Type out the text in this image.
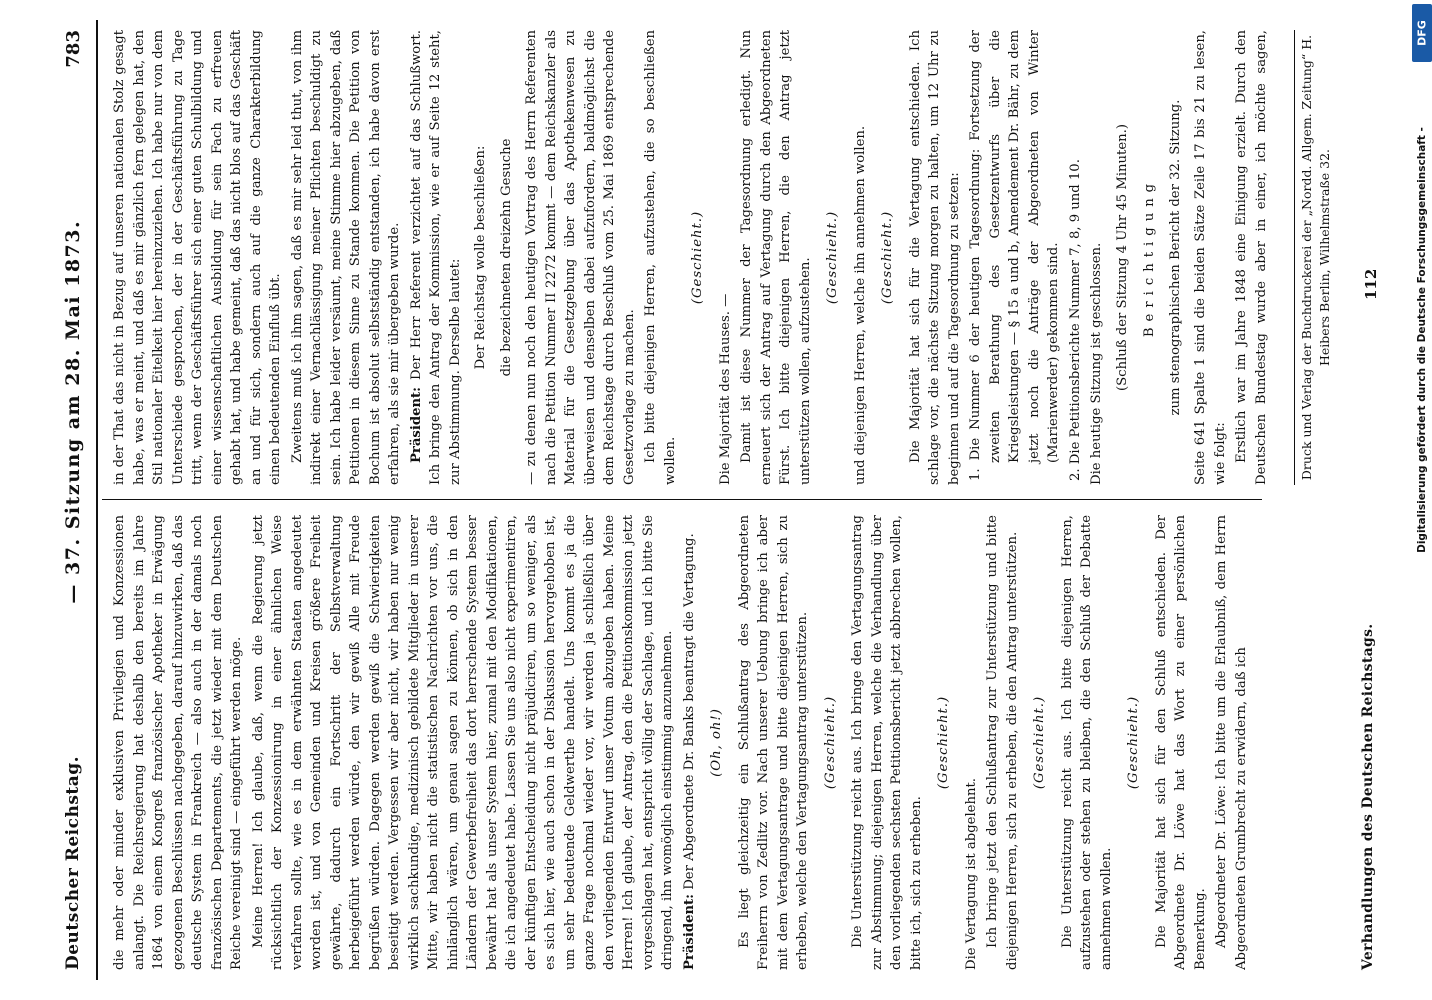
Deutscher Reichstag.
— 37. Sitzung am 28. Mai 1873.
783

die mehr oder minder exklusiven Privilegien und Konzessionen anlangt. Die Reichsregierung hat deshalb den bereits im Jahre 1864 von einem Kongreß französischer Apotheker in Erwägung gezogenen Beschlüssen nachgegeben, darauf hinzuwirken, daß das deutsche System in Frankreich — also auch in der damals noch französischen Departements, die jetzt wieder mit dem Deutschen Reiche vereinigt sind — eingeführt werden möge. Meine Herren! Ich glaube, daß, wenn die Regierung jetzt rücksichtlich der Konzessionirung in einer ähnlichen Weise verfahren sollte, wie es in dem erwähnten Staaten angedeutet worden ist, und von Gemeinden und Kreisen größere Freiheit gewährte, dadurch ein Fortschritt der Selbstverwaltung herbeigeführt werden würde, den wir gewiß Alle mit Freude begrüßen würden. Dagegen werden gewiß die Schwierigkeiten beseitigt werden. Vergessen wir aber nicht, wir haben nur wenig wirklich sachkundige, medizinisch gebildete Mitglieder in unserer Mitte, wir haben nicht die statistischen Nachrichten vor uns, die hinlänglich wären, um genau sagen zu können, ob sich in den Ländern der Gewerbefreiheit das dort herrschende System besser bewährt hat als unser System hier, zumal mit den Modifikationen, die ich angedeutet habe. Lassen Sie uns also nicht experimentiren, der künftigen Entscheidung nicht präjudiciren, um so weniger, als es sich hier, wie auch schon in der Diskussion hervorgehoben ist, um sehr bedeutende Geldwerthe handelt. Uns kommt es ja die ganze Frage nochmal wieder vor, wir werden ja schließlich über den vorliegenden Entwurf unser Votum abzugeben haben. Meine Herren! Ich glaube, der Antrag, den die Petitionskommission jetzt vorgeschlagen hat, entspricht völlig der Sachlage, und ich bitte Sie dringend, ihn womöglich einstimmig anzunehmen. Präsident: Der Abgeordnete Dr. Banks beantragt die Vertagung. (Oh, oh!) Es liegt gleichzeitig ein Schlußantrag des Abgeordneten Freiherrn von Zedlitz vor. Nach unserer Uebung bringe ich aber mit dem Vertagungsantrage und bitte diejenigen Herren, sich zu erheben, welche den Vertagungsantrag unterstützen. (Geschieht.) Die Unterstützung reicht aus. Ich bringe den Vertagungsantrag zur Abstimmung; diejenigen Herren, welche die Verhandlung über den vorliegenden sechsten Petitionsbericht jetzt abbrechen wollen, bitte ich, sich zu erheben.

(Geschieht.)

Die Vertagung ist abgelehnt. Ich bringe jetzt den Schlußantrag zur Unterstützung und bitte diejenigen Herren, sich zu erheben, die den Antrag unterstützen. (Geschieht.) Die Unterstützung reicht aus. Ich bitte diejenigen Herren, aufzustehen oder stehen zu bleiben, die den Schluß der Debatte annehmen wollen.

(Geschieht.) Die Majorität hat sich für den Schluß entschieden. Der Abgeordnete Dr. Löwe hat das Wort zu einer persönlichen Bemerkung. Abgeordneter Dr. Löwe: Ich bitte um die Erlaubniß, dem Herrn Abgeordneten Grumbrecht zu erwidern, daß ich

in der That das nicht in Bezug auf unseren nationalen Stolz gesagt habe, was er meint, und daß es mir gänzlich fern gelegen hat, den Stil nationaler Eitelkeit hier hereinzuziehen. Ich habe nur von dem Unterschiede gesprochen, der in der Geschäftsführung zu Tage tritt, wenn der Geschäftsführer sich einer guten Schulbildung und einer wissenschaftlichen Ausbildung für sein Fach zu erfreuen gehabt hat, und habe gemeint, daß das nicht blos auf das Geschäft an und für sich, sondern auch auf die ganze Charakterbildung einen bedeutenden Einfluß übt. Zweitens muß ich ihm sagen, daß es mir sehr leid thut, von ihm indirekt einer Vernachlässigung meiner Pflichten beschuldigt zu sein. Ich habe leider versäumt, meine Stimme hier abzugeben, daß Petitionen in diesem Sinne zu Stande kommen. Die Petition von Bochum ist absolut selbstständig entstanden, ich habe davon erst erfahren, als sie mir übergeben wurde. Präsident: Der Herr Referent verzichtet auf das Schlußwort. Ich bringe den Antrag der Kommission, wie er auf Seite 12 steht, zur Abstimmung. Derselbe lautet:

Der Reichstag wolle beschließen: die bezeichneten dreizehn Gesuche — zu denen nun noch den heutigen Vortrag des Herrn Referenten nach die Petition Nummer II 2272 kommt — dem Reichskanzler als Material für die Gesetzgebung über das Apothekenwesen zu überweisen und denselben dabei aufzufordern, baldmöglichst die dem Reichstage durch Beschluß vom 25. Mai 1869 entsprechende Gesetzvorlage zu machen. Ich bitte diejenigen Herren, aufzustehen, die so beschließen wollen.

(Geschieht.)

Die Majorität des Hauses. — Damit ist diese Nummer der Tagesordnung erledigt. Nun erneuert sich der Antrag auf Vertagung durch den Abgeordneten Fürst. Ich bitte diejenigen Herren, die den Antrag jetzt unterstützen wollen, aufzustehen. (Geschieht.) und diejenigen Herren, welche ihn annehmen wollen. (Geschieht.) Die Majorität hat sich für die Vertagung entschieden. Ich schlage vor, die nächste Sitzung morgen zu halten, um 12 Uhr zu beginnen und auf die Tagesordnung zu setzen: 1. Die Nummer 6 der heutigen Tagesordnung: Fortsetzung der zweiten Berathung des Gesetzentwurfs über die Kriegsleistungen — § 15 a und b, Amendement Dr. Bähr, zu dem jetzt noch die Anträge der Abgeordneten von Winter (Marienwerder) gekommen sind. 2. Die Petitionsberichte Nummer 7, 8, 9 und 10. Die heutige Sitzung ist geschlossen. (Schluß der Sitzung 4 Uhr 45 Minuten.) Berichtigung zum stenographischen Bericht der 32. Sitzung. Seite 641 Spalte 1 sind die beiden Sätze Zeile 17 bis 21 zu lesen, wie folgt: Erstlich war im Jahre 1848 eine Einigung erzielt. Durch den Deutschen Bundestag wurde aber in einer, ich möchte sagen,	Druck und Verlag der Buchdruckerei der „Nordd. Allgem. Zeitung“ H. Heibers Berlin, Wilhelmstraße 32.
Verhandlungen des Deutschen Reichstags.
112
DFG
Digitalisierung gefördert durch die Deutsche Forschungsgemeinschaft -
